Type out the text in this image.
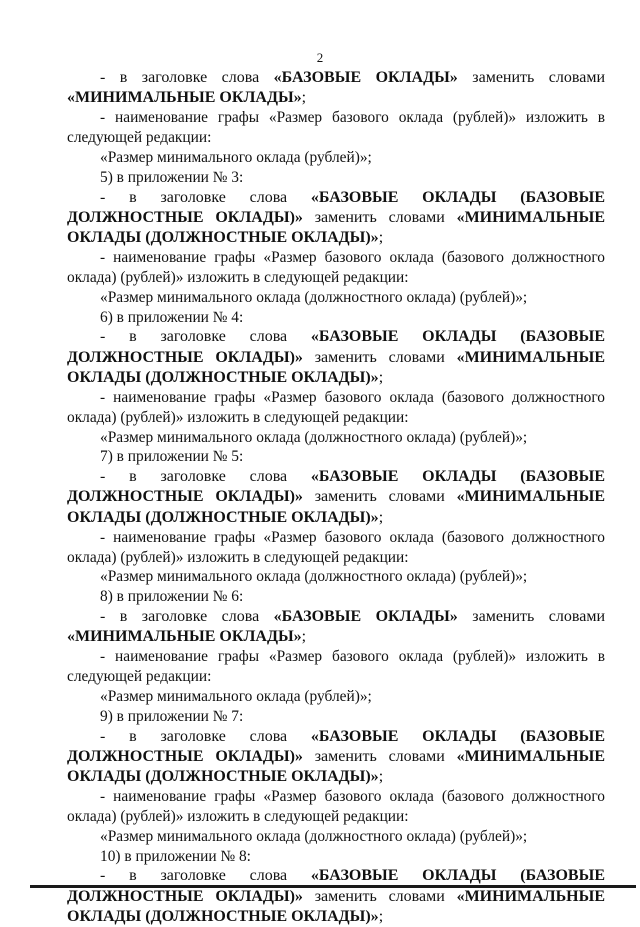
2

- в заголовке слова «БАЗОВЫЕ ОКЛАДЫ» заменить словами «МИНИМАЛЬНЫЕ ОКЛАДЫ»;

- наименование графы «Размер базового оклада (рублей)» изложить в следующей редакции:

«Размер минимального оклада (рублей)»;

5) в приложении № 3:

- в заголовке слова «БАЗОВЫЕ ОКЛАДЫ (БАЗОВЫЕ ДОЛЖНОСТНЫЕ ОКЛАДЫ)» заменить словами «МИНИМАЛЬНЫЕ ОКЛАДЫ (ДОЛЖНОСТНЫЕ ОКЛАДЫ)»;

- наименование графы «Размер базового оклада (базового должностного оклада) (рублей)» изложить в следующей редакции:

«Размер минимального оклада (должностного оклада) (рублей)»;

6) в приложении № 4:

- в заголовке слова «БАЗОВЫЕ ОКЛАДЫ (БАЗОВЫЕ ДОЛЖНОСТНЫЕ ОКЛАДЫ)» заменить словами «МИНИМАЛЬНЫЕ ОКЛАДЫ (ДОЛЖНОСТНЫЕ ОКЛАДЫ)»;

- наименование графы «Размер базового оклада (базового должностного оклада) (рублей)» изложить в следующей редакции:

«Размер минимального оклада (должностного оклада) (рублей)»;

7) в приложении № 5:

- в заголовке слова «БАЗОВЫЕ ОКЛАДЫ (БАЗОВЫЕ ДОЛЖНОСТНЫЕ ОКЛАДЫ)» заменить словами «МИНИМАЛЬНЫЕ ОКЛАДЫ (ДОЛЖНОСТНЫЕ ОКЛАДЫ)»;

- наименование графы «Размер базового оклада (базового должностного оклада) (рублей)» изложить в следующей редакции:

«Размер минимального оклада (должностного оклада) (рублей)»;

8) в приложении № 6:

- в заголовке слова «БАЗОВЫЕ ОКЛАДЫ» заменить словами «МИНИМАЛЬНЫЕ ОКЛАДЫ»;

- наименование графы «Размер базового оклада (рублей)» изложить в следующей редакции:

«Размер минимального оклада (рублей)»;

9) в приложении № 7:

- в заголовке слова «БАЗОВЫЕ ОКЛАДЫ (БАЗОВЫЕ ДОЛЖНОСТНЫЕ ОКЛАДЫ)» заменить словами «МИНИМАЛЬНЫЕ ОКЛАДЫ (ДОЛЖНОСТНЫЕ ОКЛАДЫ)»;

- наименование графы «Размер базового оклада (базового должностного оклада) (рублей)» изложить в следующей редакции:

«Размер минимального оклада (должностного оклада) (рублей)»;

10) в приложении № 8:

- в заголовке слова «БАЗОВЫЕ ОКЛАДЫ (БАЗОВЫЕ ДОЛЖНОСТНЫЕ ОКЛАДЫ)» заменить словами «МИНИМАЛЬНЫЕ ОКЛАДЫ (ДОЛЖНОСТНЫЕ ОКЛАДЫ)»;
